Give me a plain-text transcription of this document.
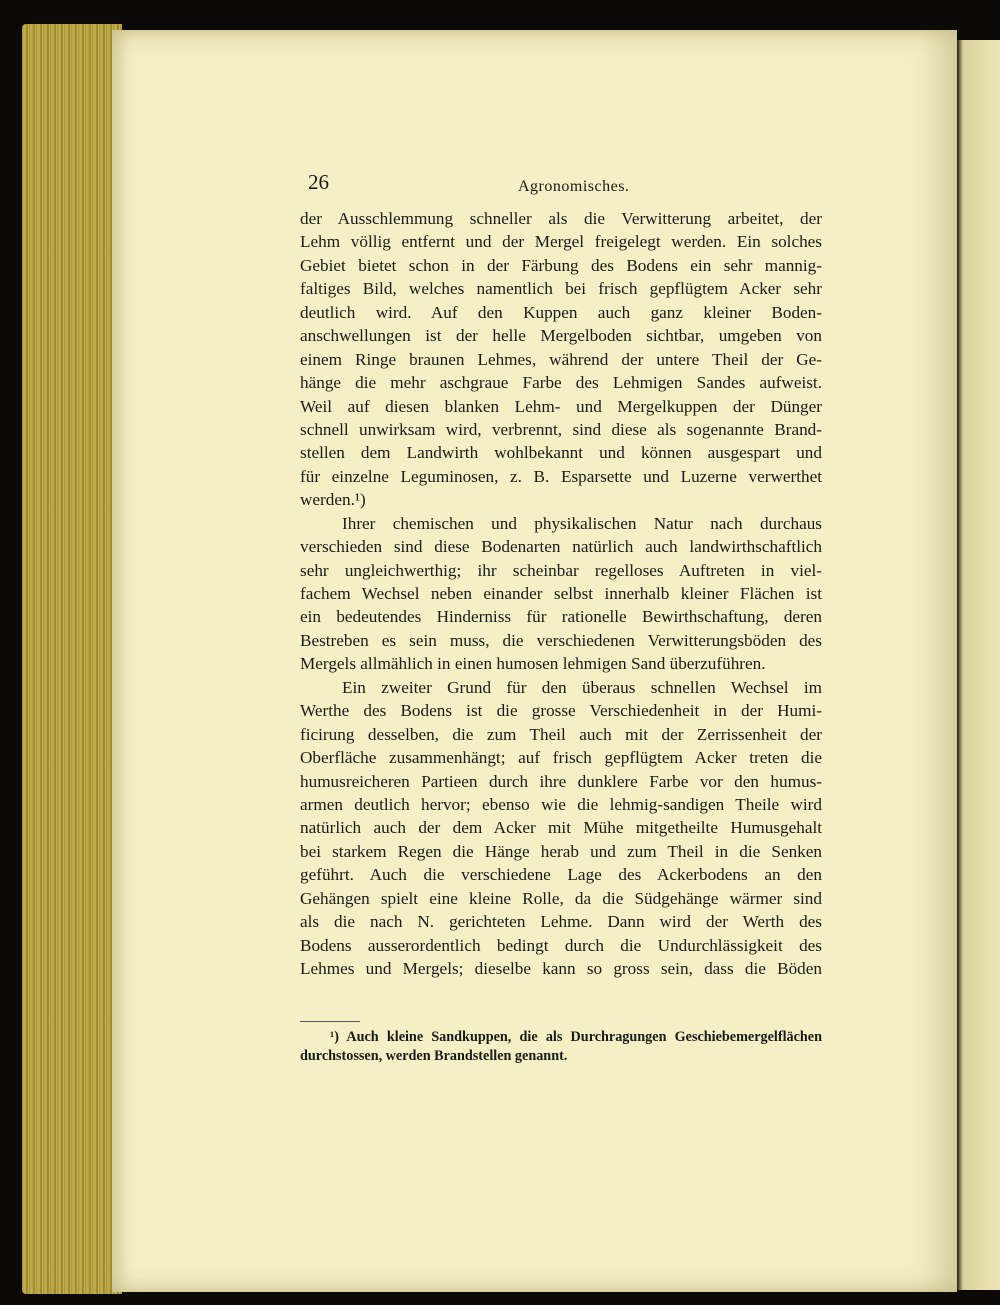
26	Agronomisches.
der Ausschlemmung schneller als die Verwitterung arbeitet, der
Lehm völlig entfernt und der Mergel freigelegt werden. Ein solches
Gebiet bietet schon in der Färbung des Bodens ein sehr mannig-
faltiges Bild, welches namentlich bei frisch gepflügtem Acker sehr
deutlich wird. Auf den Kuppen auch ganz kleiner Boden-
anschwellungen ist der helle Mergelboden sichtbar, umgeben von
einem Ringe braunen Lehmes, während der untere Theil der Ge-
hänge die mehr aschgraue Farbe des Lehmigen Sandes aufweist.
Weil auf diesen blanken Lehm- und Mergelkuppen der Dünger
schnell unwirksam wird, verbrennt, sind diese als sogenannte Brand-
stellen dem Landwirth wohlbekannt und können ausgespart und
für einzelne Leguminosen, z. B. Esparsette und Luzerne verwerthet
werden.¹)
Ihrer chemischen und physikalischen Natur nach durchaus
verschieden sind diese Bodenarten natürlich auch landwirthschaftlich
sehr ungleichwerthig; ihr scheinbar regelloses Auftreten in viel-
fachem Wechsel neben einander selbst innerhalb kleiner Flächen ist
ein bedeutendes Hinderniss für rationelle Bewirthschaftung, deren
Bestreben es sein muss, die verschiedenen Verwitterungsböden des
Mergels allmählich in einen humosen lehmigen Sand überzuführen.
Ein zweiter Grund für den überaus schnellen Wechsel im
Werthe des Bodens ist die grosse Verschiedenheit in der Humi-
ficirung desselben, die zum Theil auch mit der Zerrissenheit der
Oberfläche zusammenhängt; auf frisch gepflügtem Acker treten die
humusreicheren Partieen durch ihre dunklere Farbe vor den humus-
armen deutlich hervor; ebenso wie die lehmig-sandigen Theile wird
natürlich auch der dem Acker mit Mühe mitgetheilte Humusgehalt
bei starkem Regen die Hänge herab und zum Theil in die Senken
geführt. Auch die verschiedene Lage des Ackerbodens an den
Gehängen spielt eine kleine Rolle, da die Südgehänge wärmer sind
als die nach N. gerichteten Lehme. Dann wird der Werth des
Bodens ausserordentlich bedingt durch die Undurchlässigkeit des
Lehmes und Mergels; dieselbe kann so gross sein, dass die Böden
¹) Auch kleine Sandkuppen, die als Durchragungen Geschiebemergelflächen
durchstossen, werden Brandstellen genannt.
